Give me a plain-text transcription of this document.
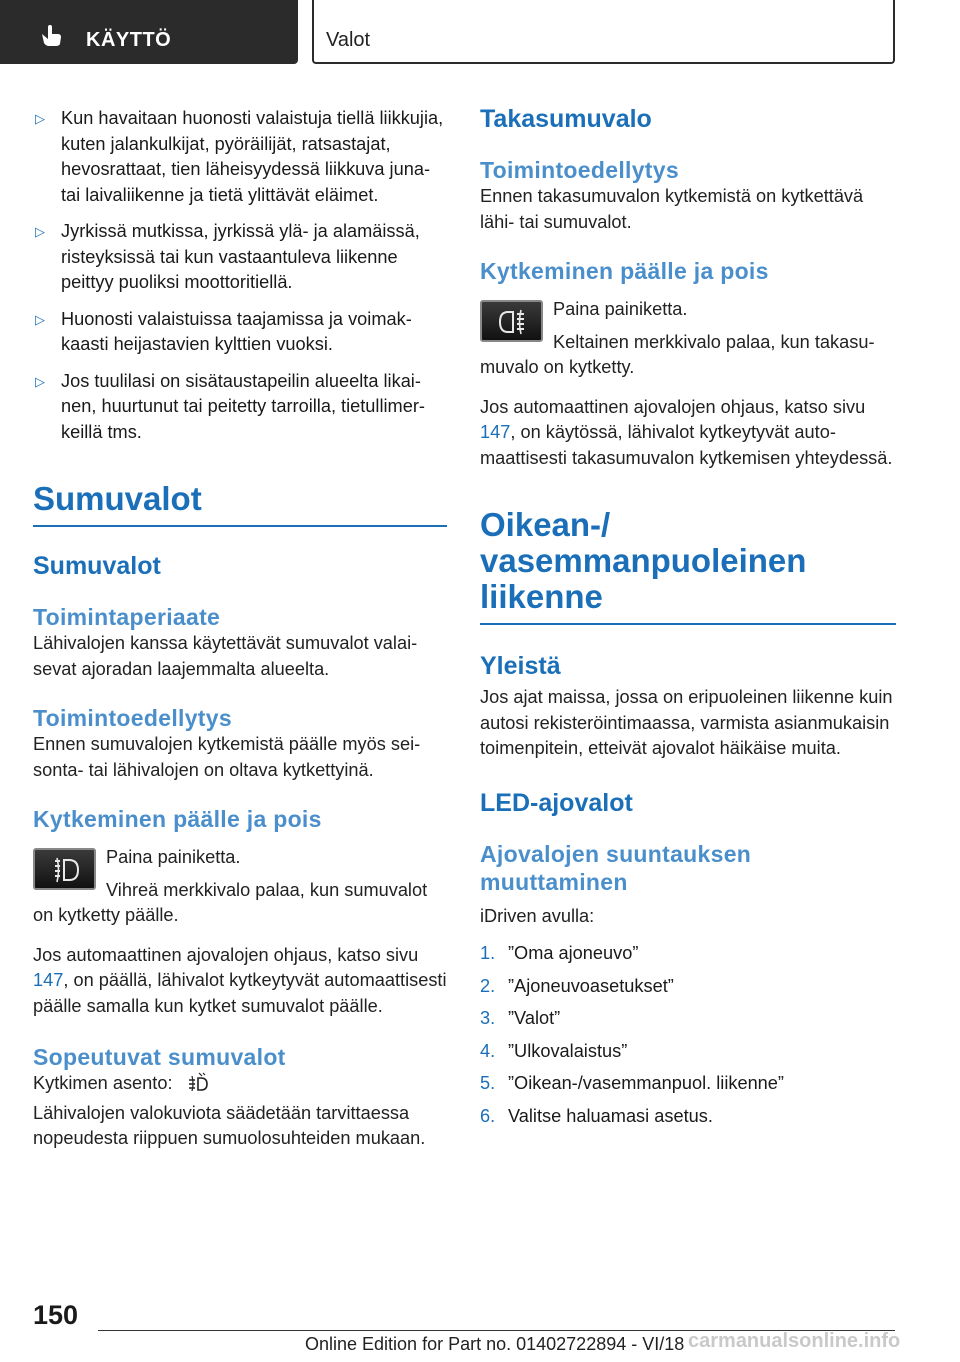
KÄYTTÖ	Valot
▷ Kun havaitaan huonosti valaistuja tiellä liikkujia, kuten jalankulkijat, pyöräilijät, ratsastajat, hevosrattaat, tien läheisyydessä liikkuva juna- tai laivaliikenne ja tietä ylittävät eläimet.
▷ Jyrkissä mutkissa, jyrkissä ylä- ja alamäissä, risteyksissä tai kun vastaantuleva liikenne peittyy puoliksi moottoritiellä.
▷ Huonosti valaistuissa taajamissa ja voimakkaasti heijastavien kylttien vuoksi.
▷ Jos tuulilasi on sisätaustapeilin alueelta likainen, huurtunut tai peitetty tarroilla, tietullimerkeillä tms.
Sumuvalot
Sumuvalot
Toimintaperiaate

Lähivalojen kanssa käytettävät sumuvalot valaisevat ajoradan laajemmalta alueelta.

Toimintoedellytys

Ennen sumuvalojen kytkemistä päälle myös seisonta- tai lähivalojen on oltava kytkettyinä.

Kytkeminen päälle ja pois

Paina painiketta.

Vihreä merkkivalo palaa, kun sumuvalot on kytketty päälle.

Jos automaattinen ajovalojen ohjaus, katso sivu 147, on päällä, lähivalot kytkeytyvät automaattisesti päälle samalla kun kytket sumuvalot päälle.

Sopeutuvat sumuvalot

Kytkimen asento:

Lähivalojen valokuviota säädetään tarvittaessa nopeudesta riippuen sumuolosuhteiden mukaan.

Takasumuvalo
Toimintoedellytys

Ennen takasumuvalon kytkemistä on kytkettävä lähi- tai sumuvalot.

Kytkeminen päälle ja pois

Paina painiketta.

Keltainen merkkivalo palaa, kun takasumuvalo on kytketty.

Jos automaattinen ajovalojen ohjaus, katso sivu 147, on käytössä, lähivalot kytkeytyvät automaattisesti takasumuvalon kytkemisen yhteydessä.

Oikean-/
vasemmanpuoleinen
liikenne
Yleistä

Jos ajat maissa, jossa on eripuoleinen liikenne kuin autosi rekisteröintimaassa, varmista asianmukaisin toimenpitein, etteivät ajovalot häikäise muita.

LED-ajovalot
Ajovalojen suuntauksen muuttaminen

iDriven avulla:

1. ”Oma ajoneuvo”
2. ”Ajoneuvoasetukset”
3. ”Valot”
4. ”Ulkovalaistus”
5. ”Oikean-/vasemmanpuol. liikenne”
6. Valitse haluamasi asetus.
150
Online Edition for Part no. 01402722894 - VI/18 carmanualsonline.info
